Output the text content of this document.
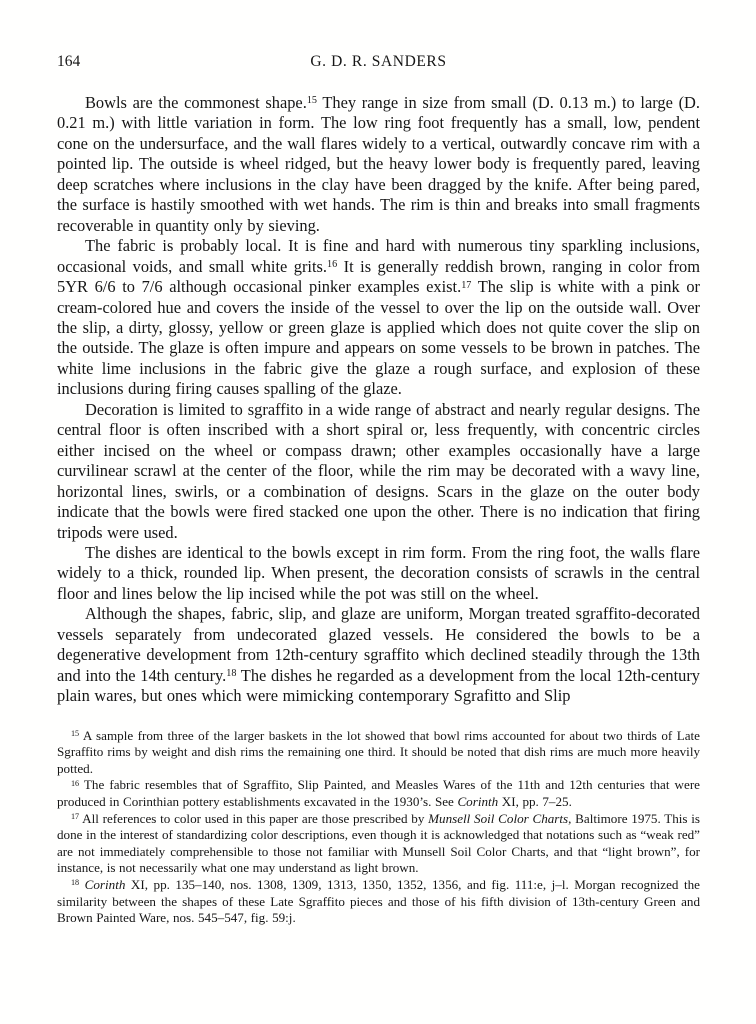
164	G. D. R. SANDERS

Bowls are the commonest shape.$^{15}$ They range in size from small (D. 0.13 m.) to large (D. 0.21 m.) with little variation in form. The low ring foot frequently has a small, low, pendent cone on the undersurface, and the wall flares widely to a vertical, outwardly concave rim with a pointed lip. The outside is wheel ridged, but the heavy lower body is frequently pared, leaving deep scratches where inclusions in the clay have been dragged by the knife. After being pared, the surface is hastily smoothed with wet hands. The rim is thin and breaks into small fragments recoverable in quantity only by sieving.

The fabric is probably local. It is fine and hard with numerous tiny sparkling inclusions, occasional voids, and small white grits.$^{16}$ It is generally reddish brown, ranging in color from 5YR 6/6 to 7/6 although occasional pinker examples exist.$^{17}$ The slip is white with a pink or cream-colored hue and covers the inside of the vessel to over the lip on the outside wall. Over the slip, a dirty, glossy, yellow or green glaze is applied which does not quite cover the slip on the outside. The glaze is often impure and appears on some vessels to be brown in patches. The white lime inclusions in the fabric give the glaze a rough surface, and explosion of these inclusions during firing causes spalling of the glaze.

Decoration is limited to sgraffito in a wide range of abstract and nearly regular designs. The central floor is often inscribed with a short spiral or, less frequently, with concentric circles either incised on the wheel or compass drawn; other examples occasionally have a large curvilinear scrawl at the center of the floor, while the rim may be decorated with a wavy line, horizontal lines, swirls, or a combination of designs. Scars in the glaze on the outer body indicate that the bowls were fired stacked one upon the other. There is no indication that firing tripods were used.

The dishes are identical to the bowls except in rim form. From the ring foot, the walls flare widely to a thick, rounded lip. When present, the decoration consists of scrawls in the central floor and lines below the lip incised while the pot was still on the wheel.

Although the shapes, fabric, slip, and glaze are uniform, Morgan treated sgraffito-decorated vessels separately from undecorated glazed vessels. He considered the bowls to be a degenerative development from 12th-century sgraffito which declined steadily through the 13th and into the 14th century.$^{18}$ The dishes he regarded as a development from the local 12th-century plain wares, but ones which were mimicking contemporary Sgrafitto and Slip

$^{15}$ A sample from three of the larger baskets in the lot showed that bowl rims accounted for about two thirds of Late Sgraffito rims by weight and dish rims the remaining one third. It should be noted that dish rims are much more heavily potted.

$^{16}$ The fabric resembles that of Sgraffito, Slip Painted, and Measles Wares of the 11th and 12th centuries that were produced in Corinthian pottery establishments excavated in the 1930’s. See Corinth XI, pp. 7–25.

$^{17}$ All references to color used in this paper are those prescribed by Munsell Soil Color Charts, Baltimore 1975. This is done in the interest of standardizing color descriptions, even though it is acknowledged that notations such as “weak red” are not immediately comprehensible to those not familiar with Munsell Soil Color Charts, and that “light brown”, for instance, is not necessarily what one may understand as light brown.

$^{18}$ Corinth XI, pp. 135–140, nos. 1308, 1309, 1313, 1350, 1352, 1356, and fig. 111:e, j–l. Morgan recognized the similarity between the shapes of these Late Sgraffito pieces and those of his fifth division of 13th-century Green and Brown Painted Ware, nos. 545–547, fig. 59:j.
